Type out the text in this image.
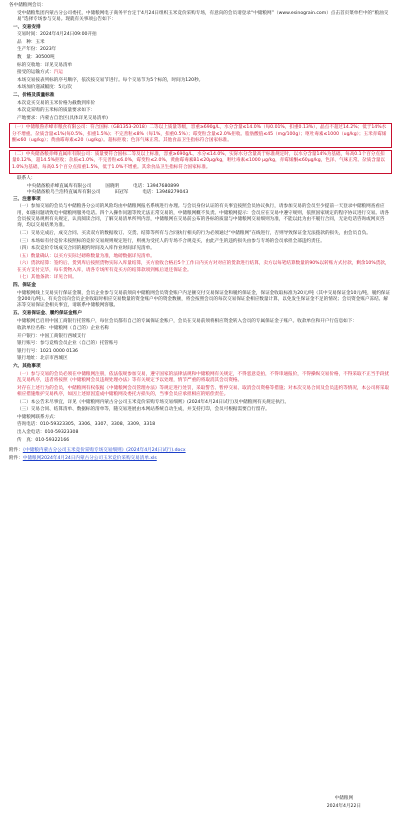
各中储粮网会员：

受中储粮集团内蒙古分公司委托，中储粮网电子商务平台定于4月24日组织玉米竞价采购专场，有意向的会员请登录“中储粮网”（www.esinograin.com）点击首页菜单栏中的“粮油交易”选择专场参与交易。现就有关事项公告如下：

一、交易安排

交易时间：2024年4月24日09:00开拍

品　种：玉米

生产年份：2023年

数　量：30500吨

标的交收地：详见交易清单

接受的运输方式：汽运

本场交易按表列标的序号顺序，依次按交易节进行。每个交易节为5个标的，时间为120秒。

本场加价递减幅度：5元/次

二、价格及质量标准

本次竞买交易的玉米价格为截数到库价

本次竞采购的玉米标的质量要求如下：

产地要求：内蒙古自治区(具体详见交易清单)

（一）中储粮鲁赤峰市粮食有限公司：符合国标（GB1353-2018）二等以上质量等级，容重≥690g/L，水分含量≤14.0%（每0.01%，扣重0.13%），晶点不超过14.2%；低于14%水分不增重。杂质含量≤1%(每0.5%，扣重1.5%)；不完善粒≤8%（每1%，扣重0.5%）；霉变粒含量≤2.0%拒收。脂肪酸值≤45（mg/100g）；呕吐毒素≤1000（ug/kg）；玉米赤霉烯酮≤60（ug/kg）；黄曲霉毒素≤20（ug/kg）。超标拒收；色泽气味正常。其他食品卫生指标符合国家标准。

（二）中央储备粮赤峰直属库有限公司：质量要符合国标二等及以上标准，容重≥690g/L，水分≤14.0%，实际水分含量高于标准规定时，以水分含量14%为基础，每高0.1个百分点扣量0.12%，超14.5%拒收；杂质≤1.0%，不完善粒≤6.0%，霉变粒≤2.0%，黄曲霉毒素B1≤20μg/kg，呕吐毒素≤1000 μg/kg，赤霉烯酮≤60μg/kg，色泽、气味正常。杂质含量以1.0%为基础，每高0.5个百分点扣重1.5%，低于1.0%不增重。其余食品卫生指标符合国家标准。

联系人：

中央储备粮赤峰直属库有限公司	国晓明	电话：13947680899
中央储备粮乌兰浩特直属库有限公司	田冠军	电话：13948279043

三、注意事项

（一）参加交易的会员与中储粮各分公司的风险均由中储粮网报名系统进行办理。与会员身份认证的有关事宜按照会员协议执行，请参加交易的会员至少提前一天登录中储粮网查看应用，如遇问题请致电中储粮网服务电话。四个入操作问题等致无法正常交易的，中储粮网概不负责。中储粮网提示：会员应在交易中遵守规则，依照国家规定的程序协议进行交易。请各会员按交易规则有关规定，认真阅读合同，了解交易清单所列内容，中储粮网在交易前公布的各标的质量与中储粮网交易细则为准，不能以此为由不履行合同，无论电话咨询或网页咨询，均以交易结果为准。

（二）交易完成后，成交合同、买卖双方的数据收订、交货、结算等所有与合同执行相关的行为必须通过“中储粮网”在线进行，否则导致保证金无法拨款的损失，由会员自负。

（三）本场如有付竞价未按照标的竞价交易规则规定进行，则视为受托人的专场不合规竞买，由此产生的违约损失由参与专场的会员承担全部违约责任。

（四）本次竞价专场成交合同的履约时间及入库作业时间详见清单。

（五）数量确认：以买方实际过磅称数量为准，地磅数据详见清单。

（六）货款结算：签约后、货到库后按照货物实际入库量结算，买方验收合格后5个工作日内买方对对应的货款进行结算，卖方以每笔结算数量的90%以转账方式付款，剩余10%货款，在买方支付完毕，每车货物入库，请各专场所有竞买方的结算款项到帐后退还保证金。

（七）其他条款：详见合同。

四、保证金

中储粮网线上交易实行保证金制，会员企业参与交易前须向中储粮网会员资金账户内足额交付交易保证金和履约保证金，保证金收取标准为20元/吨（其中交易保证金10元/吨，履约保证金200元/吨）。有关会员向会员企业收取时相应交易数量的资金账户中的资金数额，将会按照会员的每次交易保证金相应数量计算，以免发生保证金不足的情况；会员资金账户冻结、解冻等交易保证金相关事宜，请联系中储粮网客服。

五、交易保证金、履约保证金账户

中储粮网已启用中国工商银行托管账户，每位会员都有自己的专属保证金账户，会员在交易前须将相应资金转入会员的专属保证金子账户。收款单位和开户行信息如下：

收款单位名称：中储粮网（自己的）企业名称

开户银行：中国工商银行西城支行

银行账号：参与竞购会员企业（自己的）托管账号

银行行号：1021 0000 0136

银行地址：北京市西城区

六、其他事项

（一）参与交易的会员必须在中储粮网注册，依法依规参加交易，遵守国家的法律法规和中储粮网有关规定，不得恶意竞拍，不得串通报价，不得操纵交易价格，不得采取不正当手段扰乱交易秩序，违者将按照《中储粮网会员违规处理办法》等有关规定予以处理，情节严重的将取消其会员资格。

对存在上述行为的会员，中储粮网有权依据《中储粮网会员管理办法》等规定进行处罚，采取警告、暂停交易、取消会员资格等措施；对本次交易合同及会员违约等情况，本公司将采取相应措施维护交易秩序，如因上述原因造成中储粮网及委托方损失的，当事会员应承担相应的赔偿责任。

（二）本公告未尽事宜，详见《中储粮网内蒙古分公司玉米竞价采购专场交易细则》(2024年4月24日试行)及中储粮网有关规定执行。

（三）交易合同、结算清单、数据标的清单等，随交易进展由本网站系统自动生成，并支持打印，会员可根据需要自行留存。

中储粮网联系方式：

咨询电话：010-59323305、3306、3307、3308、3309、3318

出入金电话：010-59323308

传　真：010-59322166

附件：《中储粮内蒙古分公司玉米竞价采购专场交易细则》(2024年4月24日试行).docx

附件：中储粮网2024年4月24日内蒙古分公司玉米竞价采购交易清单.xls

中储粮网

2024年4月22日
